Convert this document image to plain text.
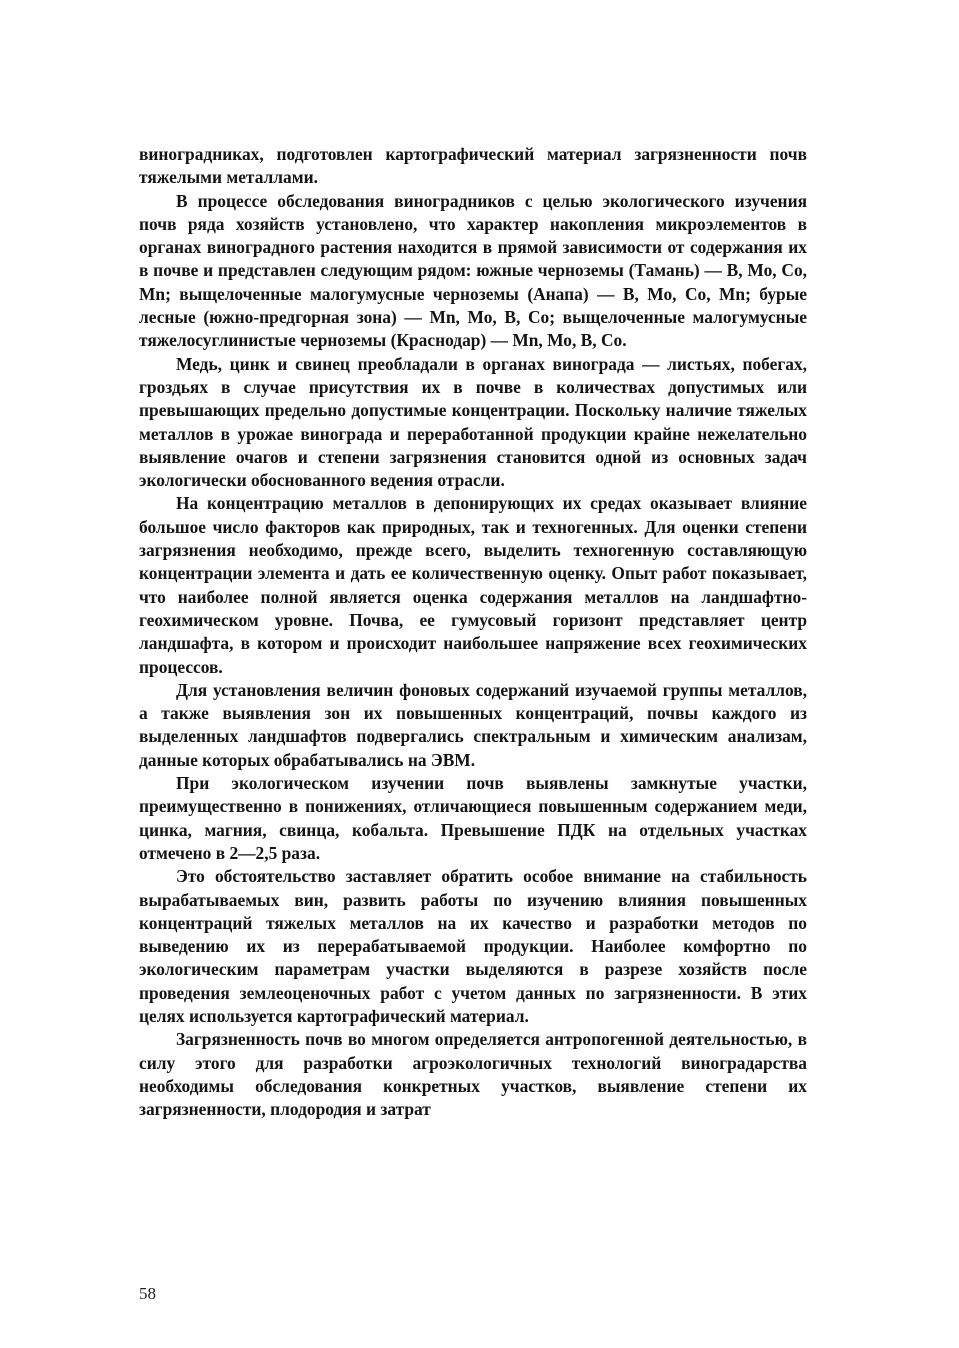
виноградниках, подготовлен картографический материал загрязненности почв тяжелыми металлами.

В процессе обследования виноградников с целью экологического изучения почв ряда хозяйств установлено, что характер накопления микроэлементов в органах виноградного растения находится в прямой зависимости от содержания их в почве и представлен следующим рядом: южные черноземы (Тамань) — В, Мо, Со, Мn; выщелоченные малогумусные черноземы (Анапа) — В, Мо, Со, Мn; бурые лесные (южно-предгорная зона) — Мn, Мо, В, Со; выщелоченные малогумусные тяжелосуглинистые черноземы (Краснодар) — Мn, Мо, В, Со.

Медь, цинк и свинец преобладали в органах винограда — листьях, побегах, гроздьях в случае присутствия их в почве в количествах допустимых или превышающих предельно допустимые концентрации. Поскольку наличие тяжелых металлов в урожае винограда и переработанной продукции крайне нежелательно выявление очагов и степени загрязнения становится одной из основных задач экологически обоснованного ведения отрасли.

На концентрацию металлов в депонирующих их средах оказывает влияние большое число факторов как природных, так и техногенных. Для оценки степени загрязнения необходимо, прежде всего, выделить техногенную составляющую концентрации элемента и дать ее количественную оценку. Опыт работ показывает, что наиболее полной является оценка содержания металлов на ландшафтно-геохимическом уровне. Почва, ее гумусовый горизонт представляет центр ландшафта, в котором и происходит наибольшее напряжение всех геохимических процессов.

Для установления величин фоновых содержаний изучаемой группы металлов, а также выявления зон их повышенных концентраций, почвы каждого из выделенных ландшафтов подвергались спектральным и химическим анализам, данные которых обрабатывались на ЭВМ.

При экологическом изучении почв выявлены замкнутые участки, преимущественно в понижениях, отличающиеся повышенным содержанием меди, цинка, магния, свинца, кобальта. Превышение ПДК на отдельных участках отмечено в 2—2,5 раза.

Это обстоятельство заставляет обратить особое внимание на стабильность вырабатываемых вин, развить работы по изучению влияния повышенных концентраций тяжелых металлов на их качество и разработки методов по выведению их из перерабатываемой продукции. Наиболее комфортно по экологическим параметрам участки выделяются в разрезе хозяйств после проведения землеоценочных работ с учетом данных по загрязненности. В этих целях используется картографический материал.

Загрязненность почв во многом определяется антропогенной деятельностью, в силу этого для разработки агроэкологичных технологий виноградарства необходимы обследования конкретных участков, выявление степени их загрязненности, плодородия и затрат

58
